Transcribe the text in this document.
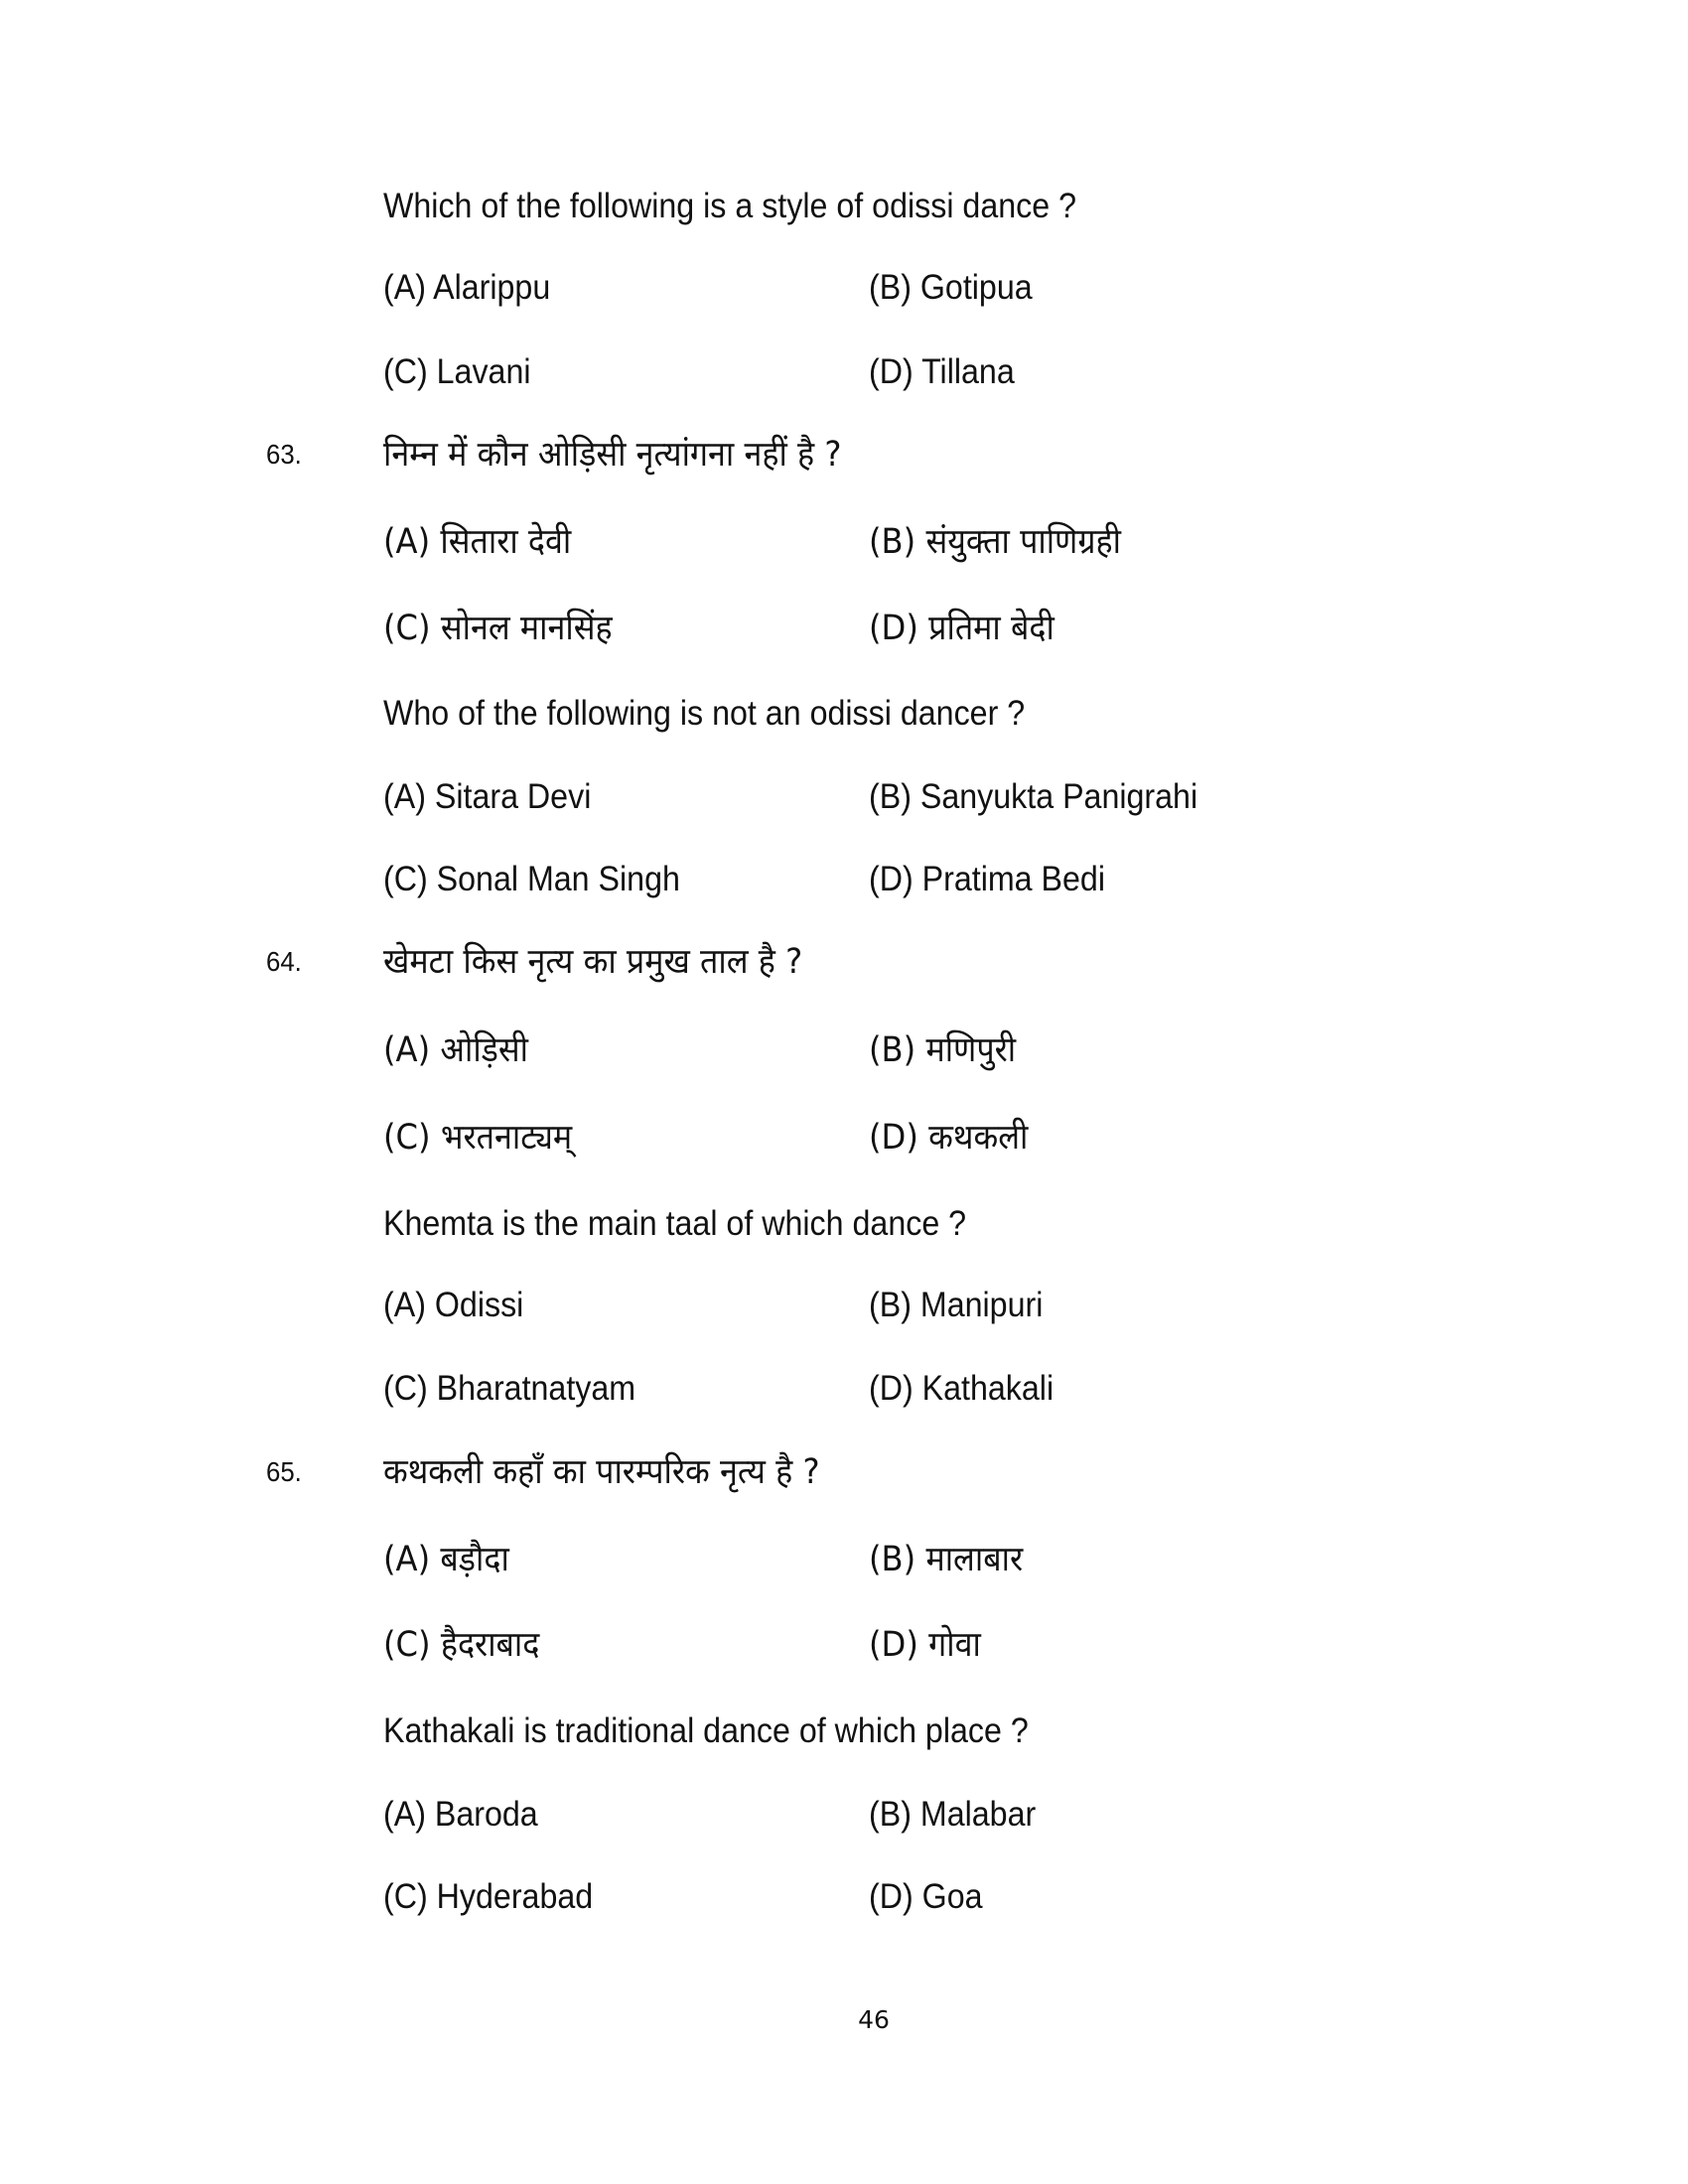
Which of the following is a style of odissi dance ?
(A) Alarippu	(B) Gotipua
(C) Lavani	(D) Tillana
63. निम्न में कौन ओड़िसी नृत्यांगना नहीं है ?
(A) सितारा देवी	(B) संयुक्ता पाणिग्रही
(C) सोनल मानसिंह	(D) प्रतिमा बेदी
Who of the following is not an odissi dancer ?
(A) Sitara Devi	(B) Sanyukta Panigrahi
(C) Sonal Man Singh	(D) Pratima Bedi
64. खेमटा किस नृत्य का प्रमुख ताल है ?
(A) ओड़िसी	(B) मणिपुरी
(C) भरतनाट्यम्	(D) कथकली
Khemta is the main taal of which dance ?
(A) Odissi	(B) Manipuri
(C) Bharatnatyam	(D) Kathakali
65. कथकली कहाँ का पारम्परिक नृत्य है ?
(A) बड़ौदा	(B) मालाबार
(C) हैदराबाद	(D) गोवा
Kathakali is traditional dance of which place ?
(A) Baroda	(B) Malabar
(C) Hyderabad	(D) Goa
46
